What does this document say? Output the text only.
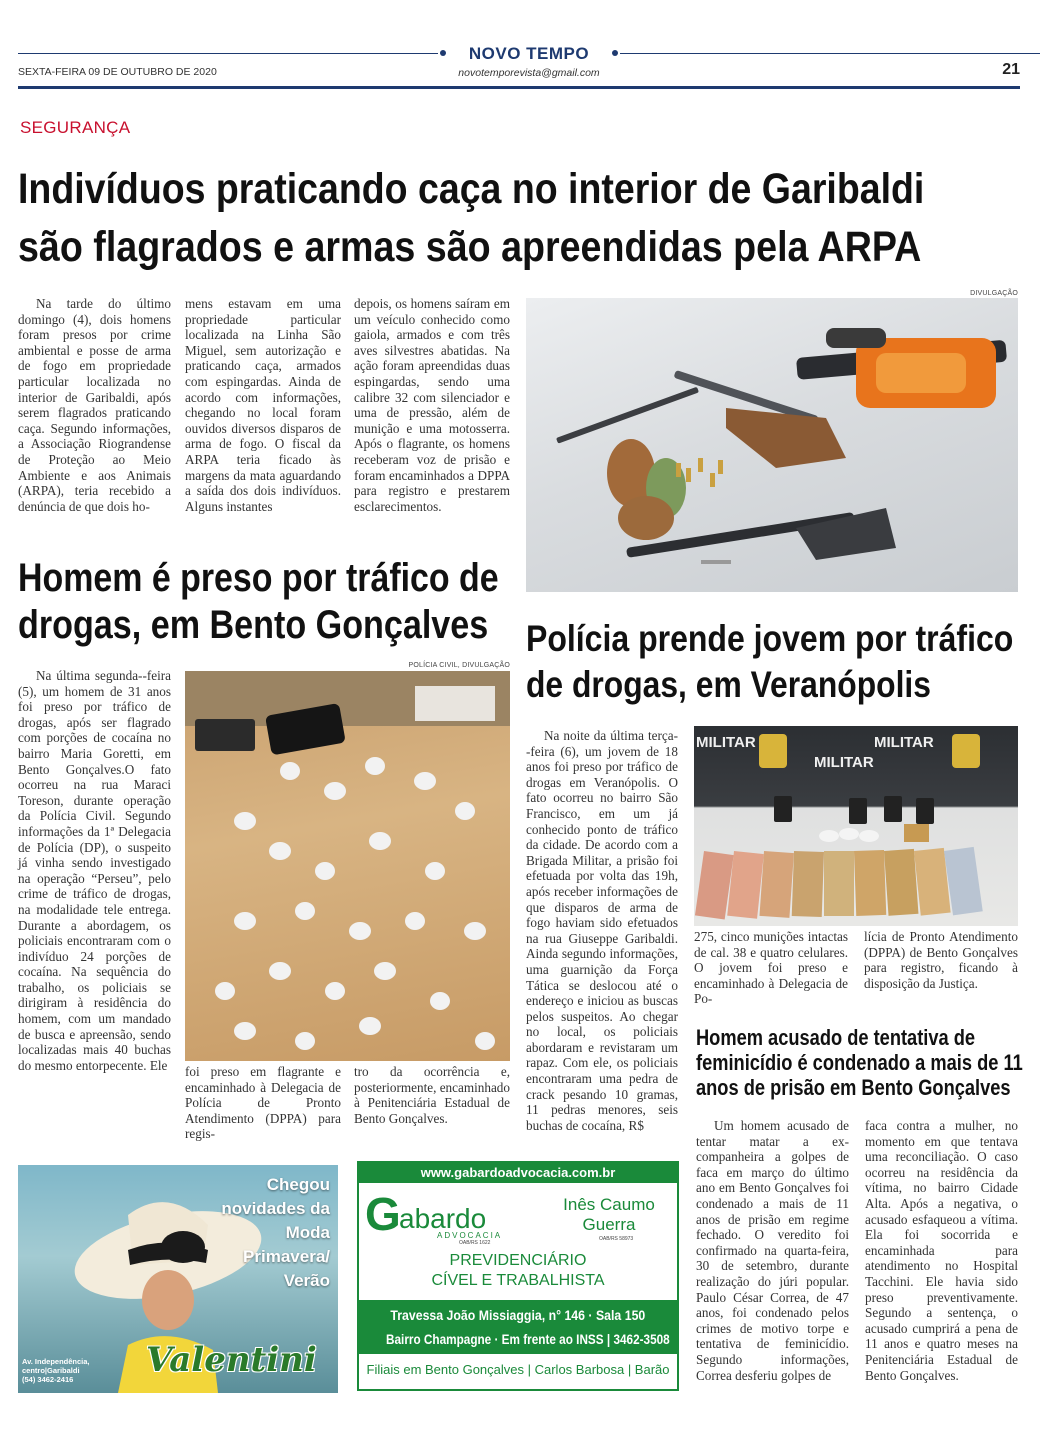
NOVO TEMPO
SEXTA-FEIRA 09 DE OUTUBRO DE 2020	novotemporevista@gmail.com	21
SEGURANÇA
Indivíduos praticando caça no interior de Garibaldi
são flagrados e armas são apreendidas pela ARPA

Na tarde do último domingo (4), dois homens foram presos por crime ambiental e posse de arma de fogo em propriedade particular localizada no interior de Garibaldi, após serem flagrados praticando caça. Segundo informações, a Associação Riograndense de Proteção ao Meio Ambiente e aos Animais (ARPA), teria recebido a denúncia de que dois ho-

mens estavam em uma propriedade particular localizada na Linha São Miguel, sem autorização e praticando caça, armados com espingardas. Ainda de acordo com informações, chegando no local foram ouvidos diversos disparos de arma de fogo. O fiscal da ARPA teria ficado às margens da mata aguardando a saída dos dois indivíduos. Alguns instantes

depois, os homens saíram em um veículo conhecido como gaiola, armados e com três aves silvestres abatidas. Na ação foram apreendidas duas espingardas, sendo uma calibre 32 com silenciador e uma de pressão, além de munição e uma motosserra. Após o flagrante, os homens receberam voz de prisão e foram encaminhados a DPPA para registro e prestarem esclarecimentos.

DIVULGAÇÃO
Homem é preso por tráfico de
drogas, em Bento Gonçalves

Na última segunda--feira (5), um homem de 31 anos foi preso por tráfico de drogas, após ser flagrado com porções de cocaína no bairro Maria Goretti, em Bento Gonçalves.O fato ocorreu na rua Maraci Toreson, durante operação da Polícia Civil. Segundo informações da 1ª Delegacia de Polícia (DP), o suspeito já vinha sendo investigado na operação “Perseu”, pelo crime de tráfico de drogas, na modalidade tele entrega. Durante a abordagem, os policiais encontraram com o indivíduo 24 porções de cocaína. Na sequência do trabalho, os policiais se dirigiram à residência do homem, com um mandado de busca e apreensão, sendo localizadas mais 40 buchas do mesmo entorpecente. Ele

POLÍCIA CIVIL, DIVULGAÇÃO

foi preso em flagrante e encaminhado à Delegacia de Polícia de Pronto Atendimento (DPPA) para regis-

tro da ocorrência e, posteriormente, encaminhado à Penitenciária Estadual de Bento Gonçalves.

Polícia prende jovem por tráfico
de drogas, em Veranópolis

Na noite da última terça--feira (6), um jovem de 18 anos foi preso por tráfico de drogas em Veranópolis. O fato ocorreu no bairro São Francisco, em um já conhecido ponto de tráfico da cidade. De acordo com a Brigada Militar, a prisão foi efetuada por volta das 19h, após receber informações de que disparos de arma de fogo haviam sido efetuados na rua Giuseppe Garibaldi. Ainda segundo informações, uma guarnição da Força Tática se deslocou até o endereço e iniciou as buscas pelos suspeitos. Ao chegar no local, os policiais abordaram e revistaram um rapaz. Com ele, os policiais encontraram uma pedra de crack pesando 10 gramas, 11 pedras menores, seis buchas de cocaína, R$

MILITAR
MILITAR
MILITAR

275, cinco munições intactas de cal. 38 e quatro celulares. O jovem foi preso e encaminhado à Delegacia de Po-

lícia de Pronto Atendimento (DPPA) de Bento Gonçalves para registro, ficando à disposição da Justiça.

Homem acusado de tentativa de
feminicídio é condenado a mais de 11
anos de prisão em Bento Gonçalves

Um homem acusado de tentar matar a ex-companheira a golpes de faca em março do último ano em Bento Gonçalves foi condenado a mais de 11 anos de prisão em regime fechado. O veredito foi confirmado na quarta-feira, 30 de setembro, durante realização do júri popular. Paulo César Correa, de 47 anos, foi condenado pelos crimes de motivo torpe e tentativa de feminicídio. Segundo informações, Correa desferiu golpes de

faca contra a mulher, no momento em que tentava uma reconciliação. O caso ocorreu na residência da vítima, no bairro Cidade Alta. Após a negativa, o acusado esfaqueou a vítima. Ela foi socorrida e encaminhada para atendimento no Hospital Tacchini. Ele havia sido preso preventivamente. Segundo a sentença, o acusado cumprirá a pena de 11 anos e quatro meses na Penitenciária Estadual de Bento Gonçalves.

Chegou
novidades da
Moda
Primavera/
Verão
Valentini
Av. Independência,
centro|Garibaldi
(54) 3462-2416
www.gabardoadvocacia.com.br
G
abardo
ADVOCACIA
OAB/RS 1622
Inês Caumo
Guerra
OAB/RS 58973
PREVIDENCIÁRIO
CÍVEL E TRABALHISTA
Travessa João Missiaggia, n° 146 · Sala 150
Bairro Champagne · Em frente ao INSS | 3462-3508
Filiais em Bento Gonçalves | Carlos Barbosa | Barão
